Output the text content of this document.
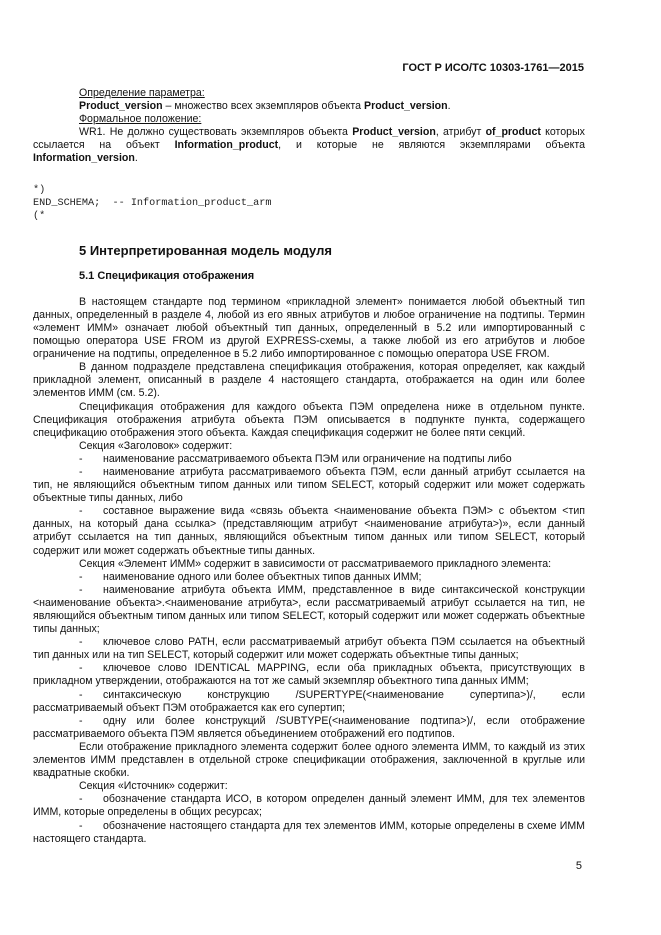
ГОСТ Р ИСО/ТС 10303-1761—2015

Определение параметра:

Product_version – множество всех экземпляров объекта Product_version.

Формальное положение:

WR1. Не должно существовать экземпляров объекта Product_version, атрибут of_product которых ссылается на объект Information_product, и которые не являются экземплярами объекта Information_version.

*)
END_SCHEMA;  -- Information_product_arm
(*
5 Интерпретированная модель модуля
5.1 Спецификация отображения

В настоящем стандарте под термином «прикладной элемент» понимается любой объектный тип данных, определенный в разделе 4, любой из его явных атрибутов и любое ограничение на подтипы. Термин «элемент ИММ» означает любой объектный тип данных, определенный в 5.2 или импортированный с помощью оператора USE FROM из другой EXPRESS-схемы, а также любой из его атрибутов и любое ограничение на подтипы, определенное в 5.2 либо импортированное с помощью оператора USE FROM.

В данном подразделе представлена спецификация отображения, которая определяет, как каждый прикладной элемент, описанный в разделе 4 настоящего стандарта, отображается на один или более элементов ИММ (см. 5.2).

Спецификация отображения для каждого объекта ПЭМ определена ниже в отдельном пункте. Спецификация отображения атрибута объекта ПЭМ описывается в подпункте пункта, содержащего спецификацию отображения этого объекта. Каждая спецификация содержит не более пяти секций.

Секция «Заголовок» содержит:

- наименование рассматриваемого объекта ПЭМ или ограничение на подтипы либо

- наименование атрибута рассматриваемого объекта ПЭМ, если данный атрибут ссылается на тип, не являющийся объектным типом данных или типом SELECT, который содержит или может содержать объектные типы данных, либо

- составное выражение вида «связь объекта <наименование объекта ПЭМ> с объектом <тип данных, на который дана ссылка> (представляющим атрибут <наименование атрибута>)», если данный атрибут ссылается на тип данных, являющийся объектным типом данных или типом SELECT, который содержит или может содержать объектные типы данных.

Секция «Элемент ИММ» содержит в зависимости от рассматриваемого прикладного элемента:

- наименование одного или более объектных типов данных ИММ;

- наименование атрибута объекта ИММ, представленное в виде синтаксической конструкции <наименование объекта>.<наименование атрибута>, если рассматриваемый атрибут ссылается на тип, не являющийся объектным типом данных или типом SELECT, который содержит или может содержать объектные типы данных;

- ключевое слово PATH, если рассматриваемый атрибут объекта ПЭМ ссылается на объектный тип данных или на тип SELECT, который содержит или может содержать объектные типы данных;

- ключевое слово IDENTICAL MAPPING, если оба прикладных объекта, присутствующих в прикладном утверждении, отображаются на тот же самый экземпляр объектного типа данных ИММ;

- синтаксическую конструкцию /SUPERTYPE(<наименование супертипа>)/, если рассматриваемый объект ПЭМ отображается как его супертип;

- одну или более конструкций /SUBTYPE(<наименование подтипа>)/, если отображение рассматриваемого объекта ПЭМ является объединением отображений его подтипов.

Если отображение прикладного элемента содержит более одного элемента ИММ, то каждый из этих элементов ИММ представлен в отдельной строке спецификации отображения, заключенной в круглые или квадратные скобки.

Секция «Источник» содержит:

- обозначение стандарта ИСО, в котором определен данный элемент ИММ, для тех элементов ИММ, которые определены в общих ресурсах;

- обозначение настоящего стандарта для тех элементов ИММ, которые определены в схеме ИММ настоящего стандарта.

5
